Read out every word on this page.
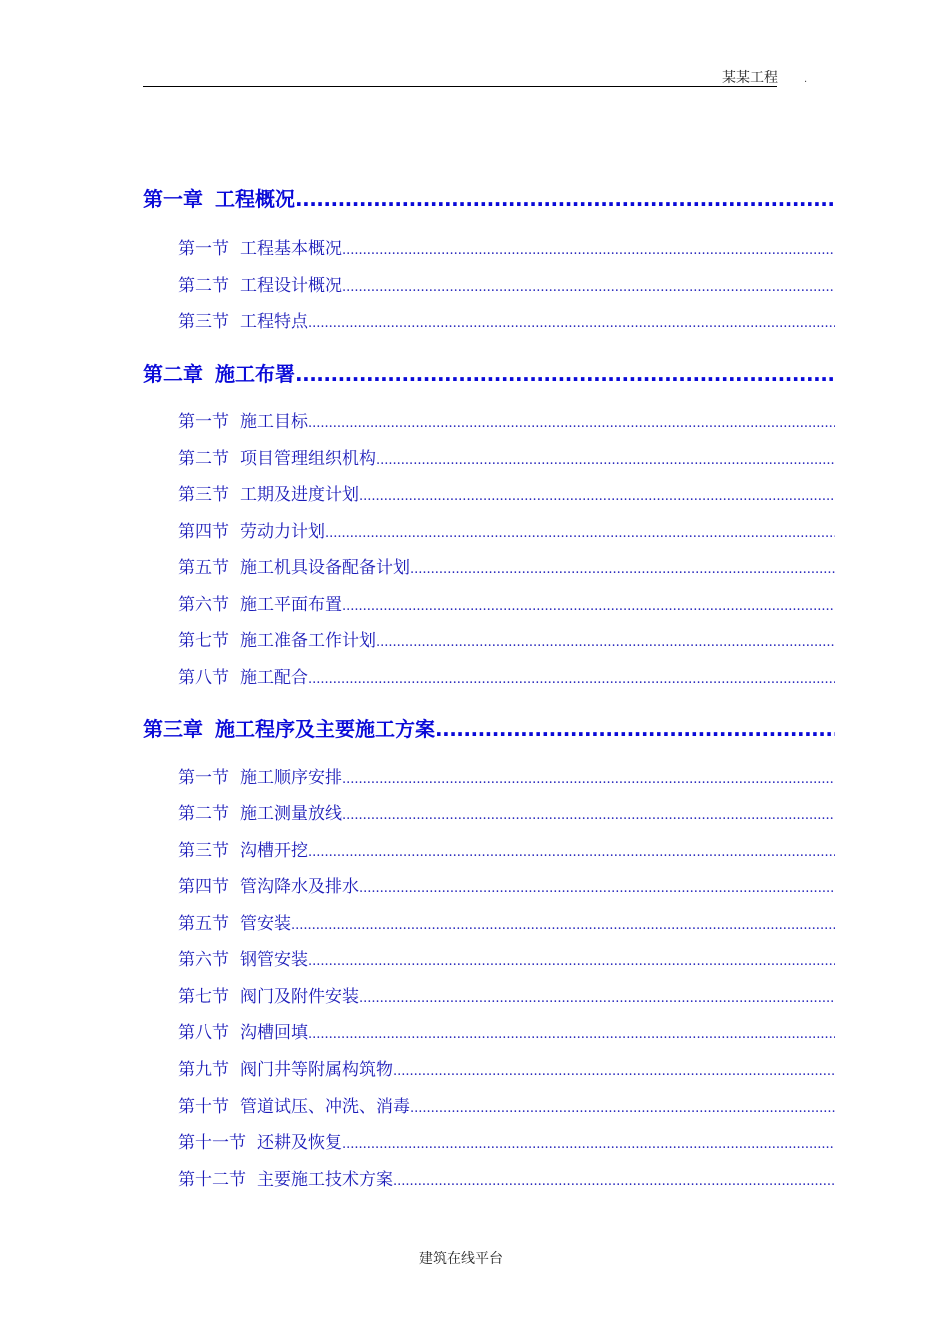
某某工程	.
第一章 工程概况
.....
第一节 工程基本概况
.....
第二节 工程设计概况
.....
第三节 工程特点
.....
第二章 施工布署
.....
第一节 施工目标
.....
第二节 项目管理组织机构
.....
第三节 工期及进度计划
.....
第四节 劳动力计划
.....
第五节 施工机具设备配备计划
.....
第六节 施工平面布置
.....
第七节 施工准备工作计划
.....
第八节 施工配合
.....
第三章 施工程序及主要施工方案
.....
第一节 施工顺序安排
.....
第二节 施工测量放线
.....
第三节 沟槽开挖
.....
第四节 管沟降水及排水
.....
第五节 管安装
.....
第六节 钢管安装
.....
第七节 阀门及附件安装
.....
第八节 沟槽回填
.....
第九节 阀门井等附属构筑物
.....
第十节 管道试压、冲洗、消毒
.....
第十一节 还耕及恢复
.....
第十二节 主要施工技术方案
.....
建筑在线平台
